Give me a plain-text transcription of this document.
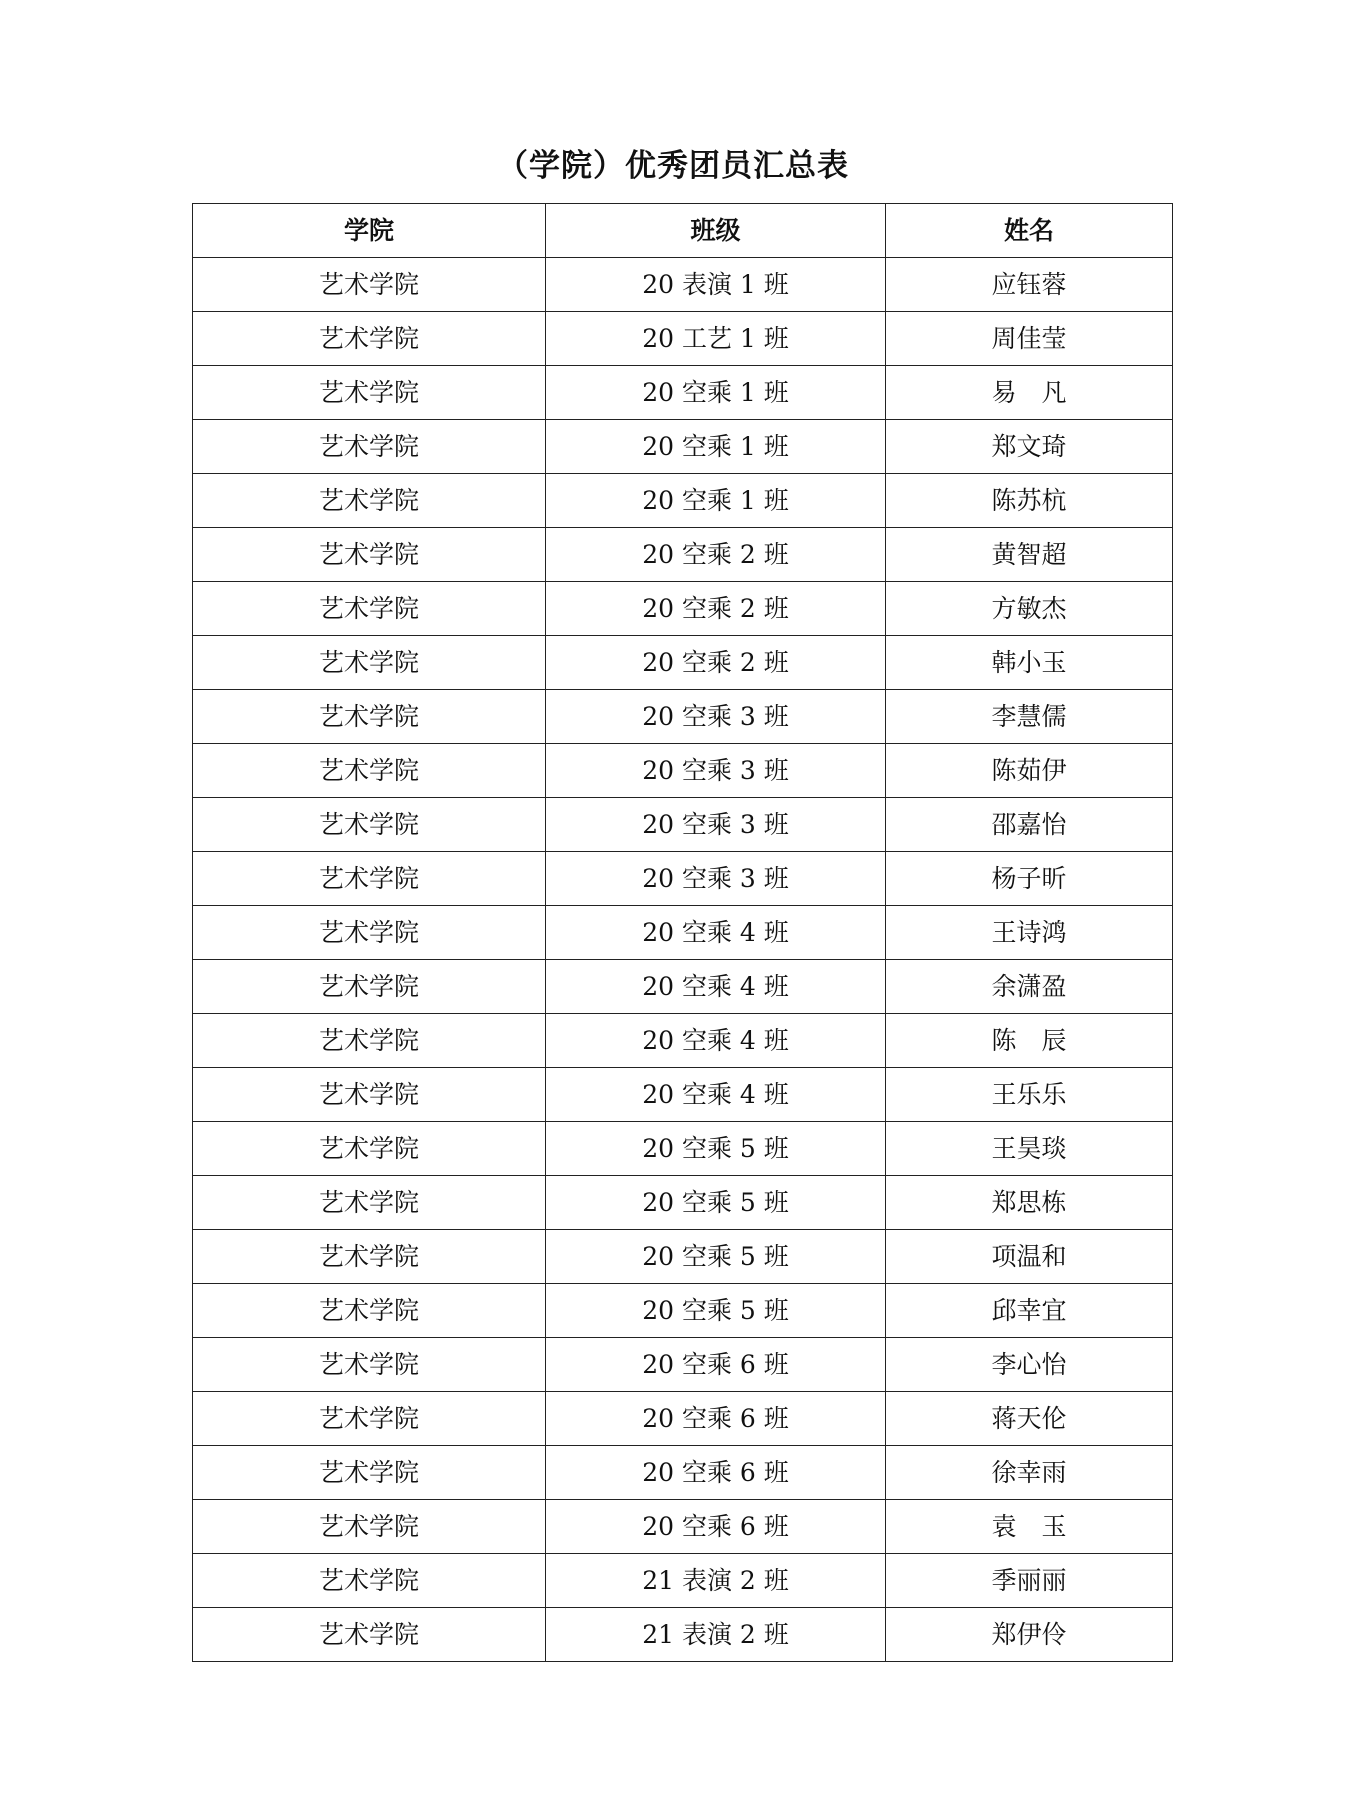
（学院）优秀团员汇总表
学院	班级	姓名
艺术学院	20 表演 1 班	应钰蓉
艺术学院	20 工艺 1 班	周佳莹
艺术学院	20 空乘 1 班	易　凡
艺术学院	20 空乘 1 班	郑文琦
艺术学院	20 空乘 1 班	陈苏杭
艺术学院	20 空乘 2 班	黄智超
艺术学院	20 空乘 2 班	方敏杰
艺术学院	20 空乘 2 班	韩小玉
艺术学院	20 空乘 3 班	李慧儒
艺术学院	20 空乘 3 班	陈茹伊
艺术学院	20 空乘 3 班	邵嘉怡
艺术学院	20 空乘 3 班	杨子昕
艺术学院	20 空乘 4 班	王诗鸿
艺术学院	20 空乘 4 班	余潇盈
艺术学院	20 空乘 4 班	陈　辰
艺术学院	20 空乘 4 班	王乐乐
艺术学院	20 空乘 5 班	王昊琰
艺术学院	20 空乘 5 班	郑思栋
艺术学院	20 空乘 5 班	项温和
艺术学院	20 空乘 5 班	邱幸宜
艺术学院	20 空乘 6 班	李心怡
艺术学院	20 空乘 6 班	蒋天伦
艺术学院	20 空乘 6 班	徐幸雨
艺术学院	20 空乘 6 班	袁　玉
艺术学院	21 表演 2 班	季丽丽
艺术学院	21 表演 2 班	郑伊伶
